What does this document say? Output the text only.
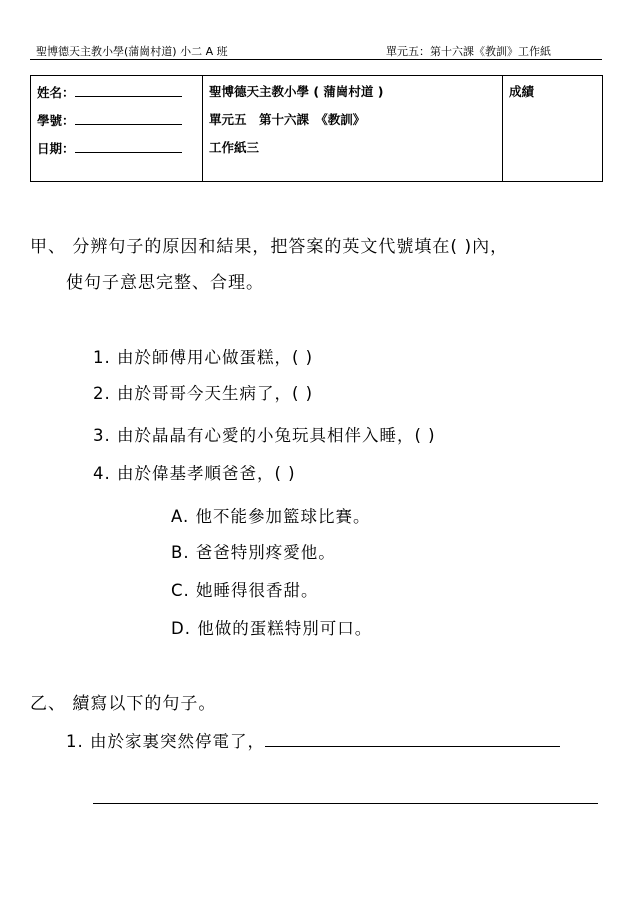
聖博德天主教小學(蒲崗村道) 小二 A 班	單元五：第十六課《教訓》工作紙
姓名：
學號：
日期：

聖博德天主教小學 ( 蒲崗村道 )
單元五　第十六課　《教訓》
工作紙三

成績
甲、 分辨句子的原因和結果，把答案的英文代號填在( )內，
使句子意思完整、合理。
1. 由於師傅用心做蛋糕，( )
2. 由於哥哥今天生病了，( )
3. 由於晶晶有心愛的小兔玩具相伴入睡，( )
4. 由於偉基孝順爸爸，( )
A. 他不能參加籃球比賽。
B. 爸爸特別疼愛他。
C. 她睡得很香甜。
D. 他做的蛋糕特別可口。
乙、 續寫以下的句子。
1. 由於家裏突然停電了，
